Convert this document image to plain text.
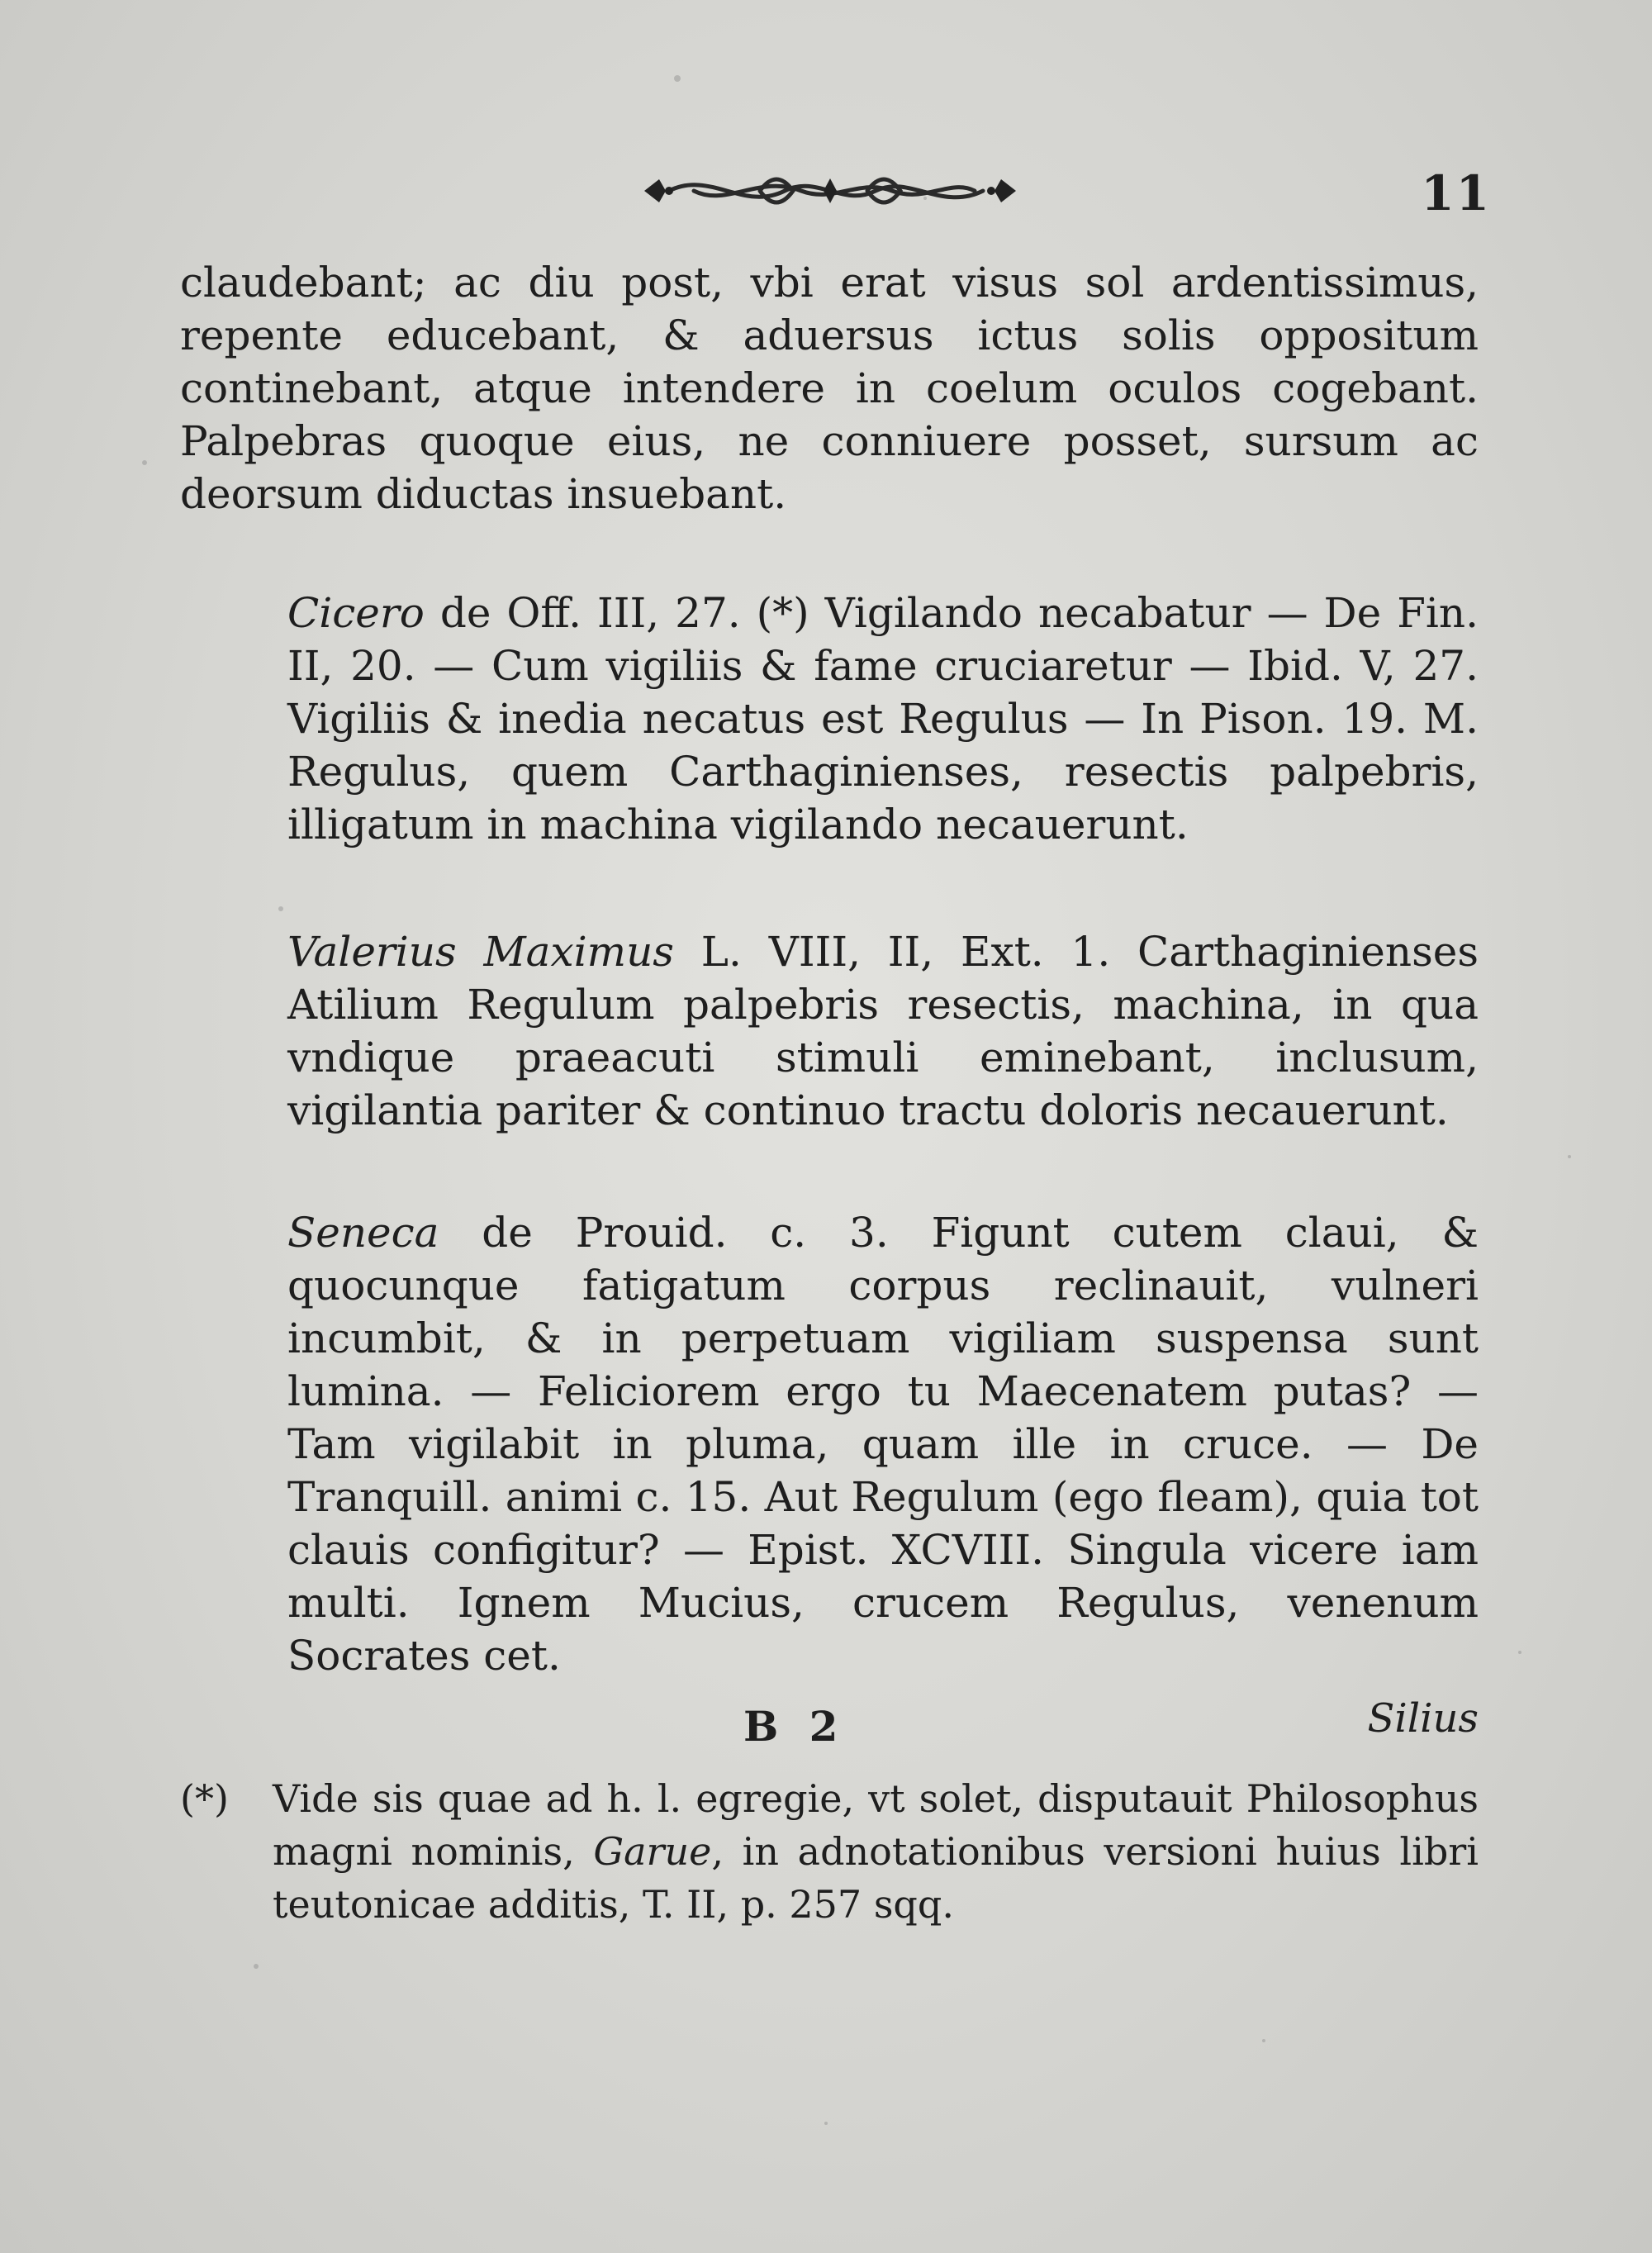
11

claudebant; ac diu post, vbi erat visus sol ardentissimus, repente educebant, & aduersus ictus solis oppositum continebant, atque intendere in coelum oculos cogebant. Palpebras quoque eius, ne conniuere posset, sursum ac deorsum diductas insuebant.

Cicero de Off. III, 27. (*) Vigilando necabatur — De Fin. II, 20. — Cum vigiliis & fame cruciaretur — Ibid. V, 27. Vigiliis & inedia necatus est Regulus — In Pison. 19. M. Regulus, quem Carthaginienses, resectis palpebris, illigatum in machina vigilando necauerunt.

Valerius Maximus L. VIII, II, Ext. 1. Carthaginienses Atilium Regulum palpebris resectis, machina, in qua vndique praeacuti stimuli eminebant, inclusum, vigilantia pariter & continuo tractu doloris necauerunt.

Seneca de Prouid. c. 3. Figunt cutem claui, & quocunque fatigatum corpus reclinauit, vulneri incumbit, & in perpetuam vigiliam suspensa sunt lumina. — Feliciorem ergo tu Maecenatem putas? — Tam vigilabit in pluma, quam ille in cruce. — De Tranquill. animi c. 15. Aut Regulum (ego fleam), quia tot clauis configitur? — Epist. XCVIII. Singula vicere iam multi. Ignem Mucius, crucem Regulus, venenum Socrates cet.

B 2	Silius

(*) Vide sis quae ad h. l. egregie, vt solet, disputauit Philosophus magni nominis, Garue, in adnotationibus versioni huius libri teutonicae additis, T. II, p. 257 sqq.
